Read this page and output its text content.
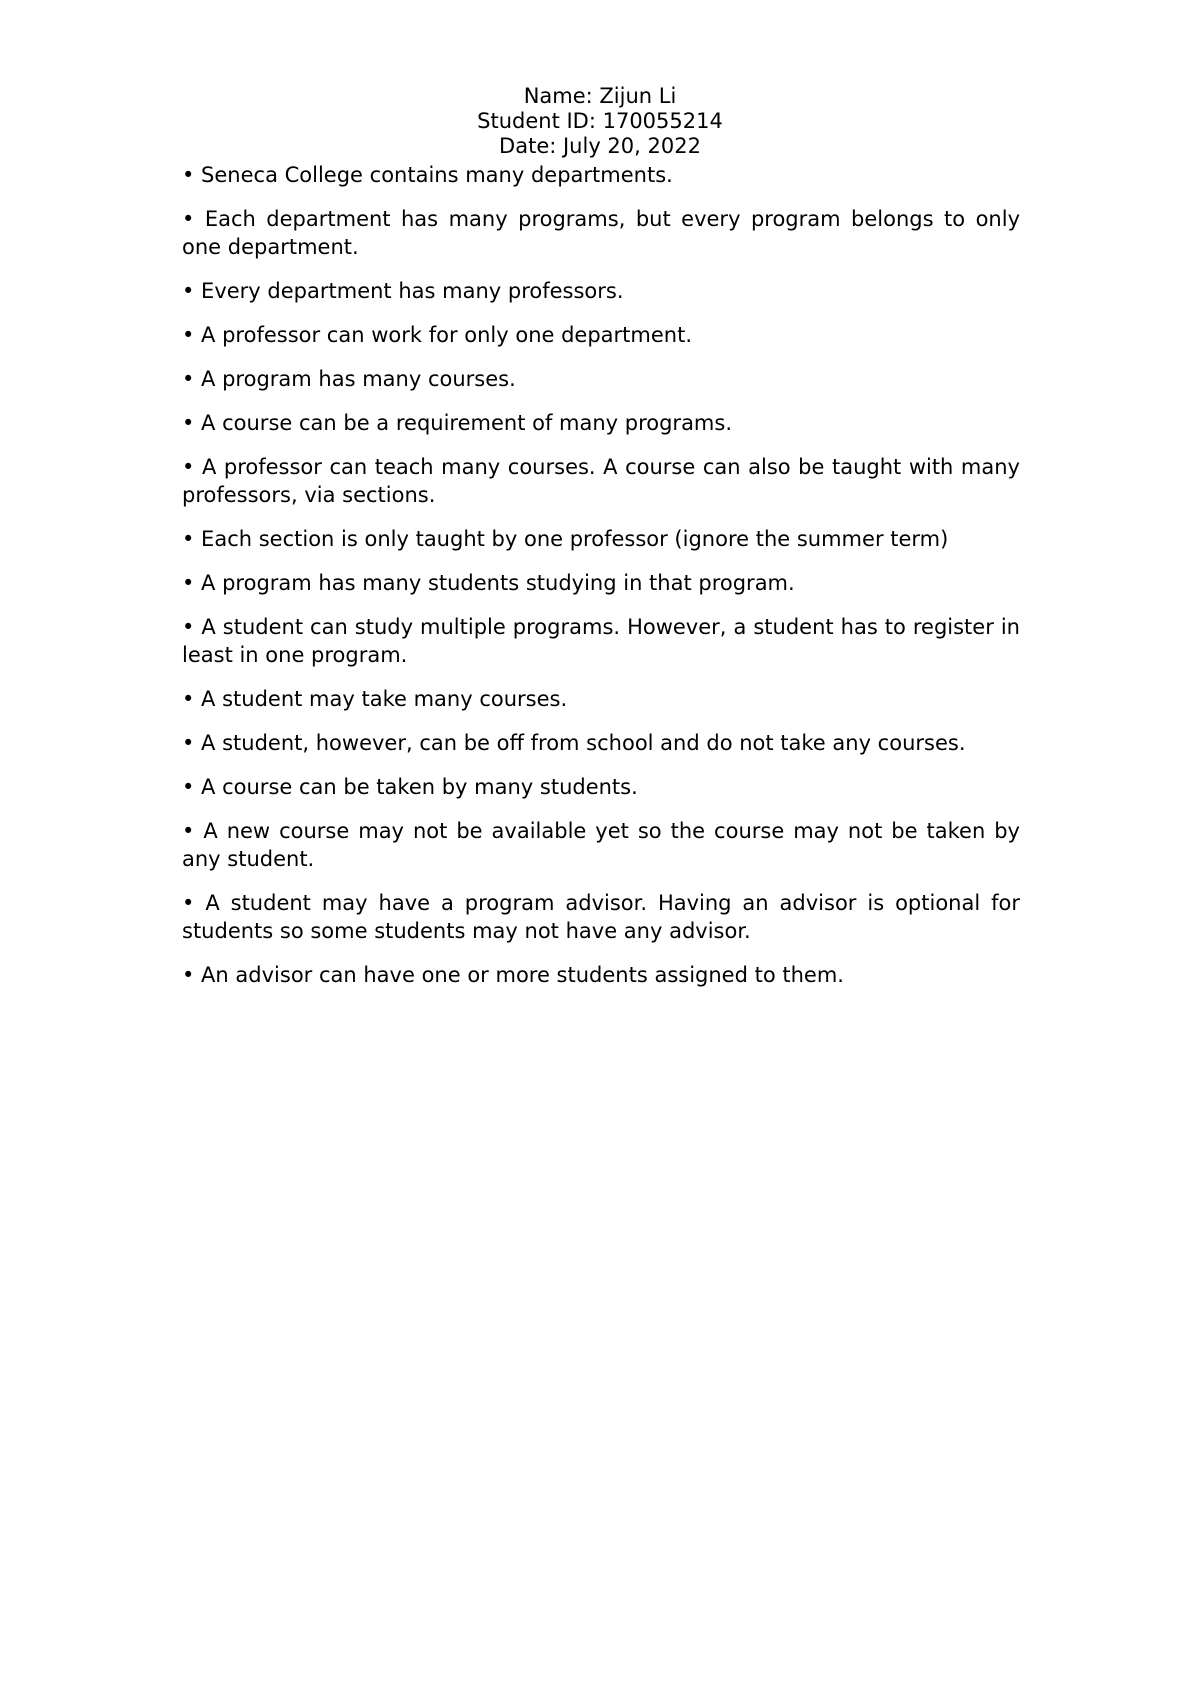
Name: Zijun Li
Student ID: 170055214
Date: July 20, 2022

• Seneca College contains many departments.

• Each department has many programs, but every program belongs to only one department.

• Every department has many professors.

• A professor can work for only one department.

• A program has many courses.

• A course can be a requirement of many programs.

• A professor can teach many courses. A course can also be taught with many professors, via sections.

• Each section is only taught by one professor (ignore the summer term)

• A program has many students studying in that program.

• A student can study multiple programs. However, a student has to register in least in one program.

• A student may take many courses.

• A student, however, can be off from school and do not take any courses.

• A course can be taken by many students.

• A new course may not be available yet so the course may not be taken by any student.

• A student may have a program advisor. Having an advisor is optional for students so some students may not have any advisor.

• An advisor can have one or more students assigned to them.
